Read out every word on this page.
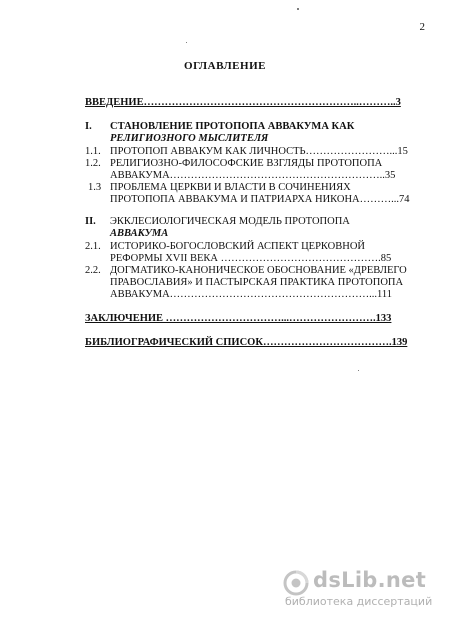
2
ОГЛАВЛЕНИЕ
ВВЕДЕНИЕ……………………………………………………..………..3
I. СТАНОВЛЕНИЕ ПРОТОПОПА АВВАКУМА КАК
РЕЛИГИОЗНОГО МЫСЛИТЕЛЯ
1.1. ПРОТОПОП АВВАКУМ КАК ЛИЧНОСТЬ……………………...15
1.2. РЕЛИГИОЗНО-ФИЛОСОФСКИЕ ВЗГЛЯДЫ ПРОТОПОПА
АВВАКУМА……………………………………………………..35
1.3 ПРОБЛЕМА ЦЕРКВИ И ВЛАСТИ В СОЧИНЕНИЯХ
ПРОТОПОПА АВВАКУМА И ПАТРИАРХА НИКОНА………...74
II. ЭККЛЕСИОЛОГИЧЕСКАЯ МОДЕЛЬ ПРОТОПОПА
АВВАКУМА
2.1. ИСТОРИКО-БОГОСЛОВСКИЙ АСПЕКТ ЦЕРКОВНОЙ
РЕФОРМЫ XVII ВЕКА ……………………………………….85
2.2. ДОГМАТИКО-КАНОНИЧЕСКОЕ ОБОСНОВАНИЕ «ДРЕВЛЕГО
ПРАВОСЛАВИЯ» И ПАСТЫРСКАЯ ПРАКТИКА ПРОТОПОПА
АВВАКУМА…………………………………………………...111
ЗАКЛЮЧЕНИЕ ……………………………...…………………….133
БИБЛИОГРАФИЧЕСКИЙ СПИСОК……………………………….139
dsLib.net
библиотека диссертаций
